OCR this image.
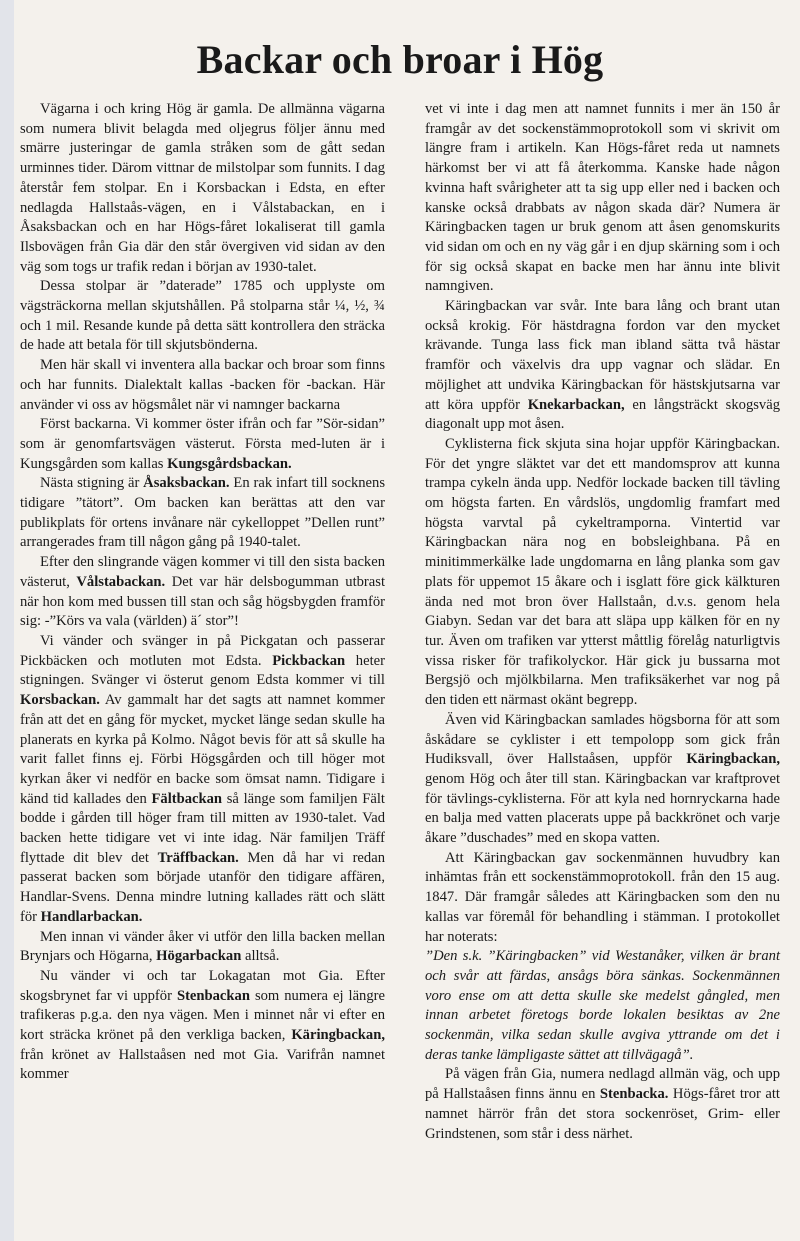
Backar och broar i Hög

Vägarna i och kring Hög är gamla. De allmänna vägarna som numera blivit belagda med oljegrus följer ännu med smärre justeringar de gamla stråken som de gått sedan urminnes tider. Därom vittnar de milstolpar som funnits. I dag återstår fem stolpar. En i Korsbackan i Edsta, en efter nedlagda Hallstaås-vägen, en i Vålstabackan, en i Åsaksbackan och en har Högs-fåret lokaliserat till gamla Ilsbovägen från Gia där den står övergiven vid sidan av den väg som togs ur trafik redan i början av 1930-talet.

Dessa stolpar är ”daterade” 1785 och upplyste om vägsträckorna mellan skjutshållen. På stolparna står ¼, ½, ¾ och 1 mil. Resande kunde på detta sätt kontrollera den sträcka de hade att betala för till skjutsbönderna.

Men här skall vi inventera alla backar och broar som finns och har funnits. Dialektalt kallas -backen för -backan. Här använder vi oss av högsmålet när vi namnger backarna

Först backarna. Vi kommer öster ifrån och far ”Sör-sidan” som är genomfartsvägen västerut. Första med-luten är i Kungsgården som kallas Kungsgårdsbackan.

Nästa stigning är Åsaksbackan. En rak infart till socknens tidigare ”tätort”. Om backen kan berättas att den var publikplats för ortens invånare när cykelloppet ”Dellen runt” arrangerades fram till någon gång på 1940-talet.

Efter den slingrande vägen kommer vi till den sista backen västerut, Vålstabackan. Det var här delsbogumman utbrast när hon kom med bussen till stan och såg högsbygden framför sig: -”Körs va vala (världen) ä´ stor”!

Vi vänder och svänger in på Pickgatan och passerar Pickbäcken och motluten mot Edsta. Pickbackan heter stigningen. Svänger vi österut genom Edsta kommer vi till Korsbackan. Av gammalt har det sagts att namnet kommer från att det en gång för mycket, mycket länge sedan skulle ha planerats en kyrka på Kolmo. Något bevis för att så skulle ha varit fallet finns ej. Förbi Högsgården och till höger mot kyrkan åker vi nedför en backe som ömsat namn. Tidigare i känd tid kallades den Fältbackan så länge som familjen Fält bodde i gården till höger fram till mitten av 1930-talet. Vad backen hette tidigare vet vi inte idag. När familjen Träff flyttade dit blev det Träffbackan. Men då har vi redan passerat backen som började utanför den tidigare affären, Handlar-Svens. Denna mindre lutning kallades rätt och slätt för Handlarbackan.

Men innan vi vänder åker vi utför den lilla backen mellan Brynjars och Högarna, Högarbackan alltså.

Nu vänder vi och tar Lokagatan mot Gia. Efter skogsbrynet far vi uppför Stenbackan som numera ej längre trafikeras p.g.a. den nya vägen. Men i minnet når vi efter en kort sträcka krönet på den verkliga backen, Käringbackan, från krönet av Hallstaåsen ned mot Gia. Varifrån namnet kommer

vet vi inte i dag men att namnet funnits i mer än 150 år framgår av det sockenstämmoprotokoll som vi skrivit om längre fram i artikeln. Kan Högs-fåret reda ut namnets härkomst ber vi att få återkomma. Kanske hade någon kvinna haft svårigheter att ta sig upp eller ned i backen och kanske också drabbats av någon skada där? Numera är Käringbacken tagen ur bruk genom att åsen genomskurits vid sidan om och en ny väg går i en djup skärning som i och för sig också skapat en backe men har ännu inte blivit namngiven.

Käringbackan var svår. Inte bara lång och brant utan också krokig. För hästdragna fordon var den mycket krävande. Tunga lass fick man ibland sätta två hästar framför och växelvis dra upp vagnar och slädar. En möjlighet att undvika Käringbackan för hästskjutsarna var att köra uppför Knekarbackan, en långsträckt skogsväg diagonalt upp mot åsen.

Cyklisterna fick skjuta sina hojar uppför Käringbackan. För det yngre släktet var det ett mandomsprov att kunna trampa cykeln ända upp. Nedför lockade backen till tävling om högsta farten. En vårdslös, ungdomlig framfart med högsta varvtal på cykeltramporna. Vintertid var Käringbackan nära nog en bobsleighbana. På en minitimmerkälke lade ungdomarna en lång planka som gav plats för uppemot 15 åkare och i isglatt före gick kälkturen ända ned mot bron över Hallstaån, d.v.s. genom hela Giabyn. Sedan var det bara att släpa upp kälken för en ny tur. Även om trafiken var ytterst måttlig förelåg naturligtvis vissa risker för trafikolyckor. Här gick ju bussarna mot Bergsjö och mjölkbilarna. Men trafiksäkerhet var nog på den tiden ett närmast okänt begrepp.

Även vid Käringbackan samlades högsborna för att som åskådare se cyklister i ett tempolopp som gick från Hudiksvall, över Hallstaåsen, uppför Käringbackan, genom Hög och åter till stan. Käringbackan var kraftprovet för tävlings-cyklisterna. För att kyla ned hornryckarna hade en balja med vatten placerats uppe på backkrönet och varje åkare ”duschades” med en skopa vatten.

Att Käringbackan gav sockenmännen huvudbry kan inhämtas från ett sockenstämmoprotokoll. från den 15 aug. 1847. Där framgår således att Käringbacken som den nu kallas var föremål för behandling i stämman. I protokollet har noterats:

”Den s.k. ”Käringbacken” vid Westanåker, vilken är brant och svår att färdas, ansågs böra sänkas. Sockenmännen voro ense om att detta skulle ske medelst gångled, men innan arbetet företogs borde lokalen besiktas av 2ne sockenmän, vilka sedan skulle avgiva yttrande om det i deras tanke lämpligaste sättet att tillvägagå”.

På vägen från Gia, numera nedlagd allmän väg, och upp på Hallstaåsen finns ännu en Stenbacka. Högs-fåret tror att namnet härrör från det stora sockenröset, Grim- eller Grindstenen, som står i dess närhet.
